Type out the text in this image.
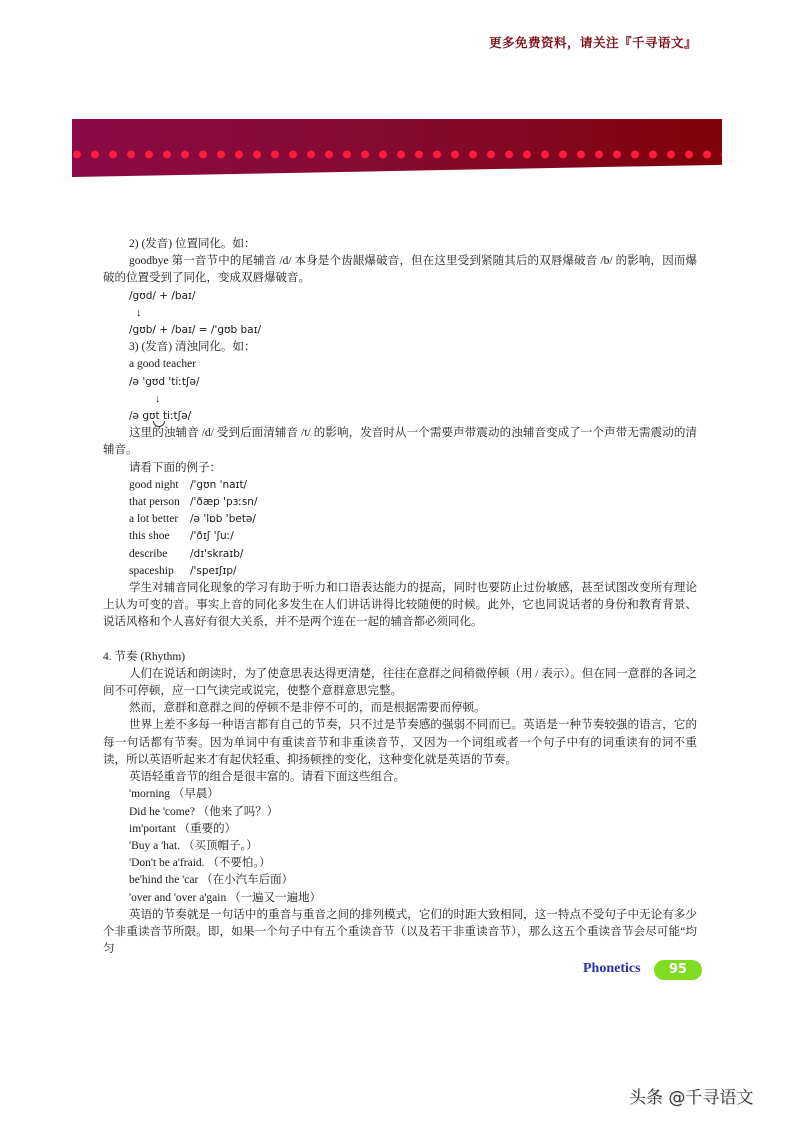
更多免费资料，请关注『千寻语文』

2) (发音) 位置同化。如：

goodbye 第一音节中的尾辅音 /d/ 本身是个齿龈爆破音，但在这里受到紧随其后的双唇爆破音 /b/ 的影响，因而爆破的位置受到了同化，变成双唇爆破音。

/gʊd/ + /baɪ/

↓

/gʊb/ + /baɪ/ = /'gʊb baɪ/

3) (发音) 清浊同化。如：

a good teacher

/ə 'gʊd 'tiːtʃə/

↓

/ə gʊt tiːtʃə/

这里的浊辅音 /d/ 受到后面清辅音 /t/ 的影响，发音时从一个需要声带震动的浊辅音变成了一个声带无需震动的清辅音。

请看下面的例子：

good night	/'gʊn 'naɪt/

that person /'ðæp 'pɜːsn/

a lot better	/ə 'lɒb 'betə/

this shoe	/'ðɪʃ 'ʃuː/

describe	/dɪ'skraɪb/

spaceship	/'speɪʃɪp/

学生对辅音同化现象的学习有助于听力和口语表达能力的提高，同时也要防止过份敏感，甚至试图改变所有理论上认为可变的音。事实上音的同化多发生在人们讲话讲得比较随便的时候。此外，它也同说话者的身份和教育背景、说话风格和个人喜好有很大关系，并不是两个连在一起的辅音都必须同化。

4. 节奏 (Rhythm)

人们在说话和朗读时，为了使意思表达得更清楚，往往在意群之间稍微停顿（用 / 表示）。但在同一意群的各词之间不可停顿，应一口气读完或说完，使整个意群意思完整。

然而，意群和意群之间的停顿不是非停不可的，而是根据需要而停顿。

世界上差不多每一种语言都有自己的节奏，只不过是节奏感的强弱不同而已。英语是一种节奏较强的语言，它的每一句话都有节奏。因为单词中有重读音节和非重读音节，又因为一个词组或者一个句子中有的词重读有的词不重读，所以英语听起来才有起伏轻重、抑扬顿挫的变化，这种变化就是英语的节奏。

英语轻重音节的组合是很丰富的。请看下面这些组合。

'morning （早晨）

Did he 'come? （他来了吗？）

im'portant （重要的）

'Buy a 'hat. （买顶帽子。）

'Don't be a'fraid. （不要怕。）

be'hind the 'car （在小汽车后面）

'over and 'over a'gain （一遍又一遍地）

英语的节奏就是一句话中的重音与重音之间的排列模式，它们的时距大致相同，这一特点不受句子中无论有多少个非重读音节所限。即，如果一个句子中有五个重读音节（以及若干非重读音节），那么这五个重读音节会尽可能“均匀

Phonetics	95
头条 @千寻语文
